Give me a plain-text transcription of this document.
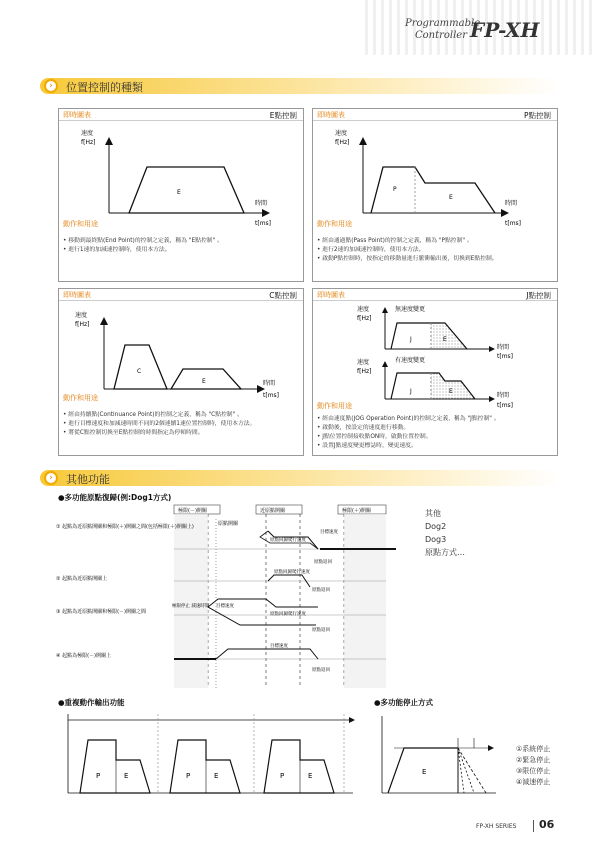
Programmable
Controller FP-XH
›	位置控制的種類
即時圖表	E點控制
速度
f[Hz]
E
時間
t[ms]
動作和用途
• 移動到最終點(End Point)的控制之定義，稱為 "E點控制" 。
• 進行1速的加減速控制時，使用本方法。
即時圖表	P點控制
速度
f[Hz]
P
E
時間
t[ms]
動作和用途
• 經由通過點(Pass Point)的控制之定義，稱為 "P點控制" 。
• 進行2速的加減速控制時，使用本方法。
• 啟動P點控制時，按指定的移動量進行脈衝輸出後，切換到E點控制。
即時圖表	C點控制
速度
f[Hz]
C
E	時間
t[ms]
動作和用途
• 經由持續點(Continuance Point)的控制之定義，稱為 "C點控制" 。
• 進行目標速度和加減速時間不同的2個連續1速位置控制時，使用本方法。
• 將從C點控制切換至E點控制的時間指定為停頓時間。
即時圖表	J點控制
速度
f[Hz]
無速度變更
J	E
時間
t[ms]
速度
f[Hz]
有速度變更
J	E
時間
t[ms]
動作和用途
• 經由速度點(JOG Operation Point)的控制之定義，稱為 "J點控制" 。
• 啟動後，按設定的速度進行移動。
• J點位置控制接收點ON時，啟動位置控制。
• 設置J點速度變更標誌時，變更速度。
›	其他功能
●多功能原點復歸(例:Dog1方式)
極限(－)開關	近原點開關	極限(＋)開關
原點開關
① 起點為近原點開關和極限(＋)開關之間(包括極限(＋)開關上)
目標速度
原點回歸爬行速度
原點返回
② 起點為近原點開關上
原點回歸爬行速度
原點返回
③ 起點為近原點開關和極限(－)開關之間
極限停止 減速時間 目標速度
原點回歸爬行速度
原點返回
④ 起點為極限(－)開關上
目標速度
原點返回
其他
Dog2
Dog3
原點方式…
●重複動作輸出功能
P	E	P	E	P	E
●多功能停止方式
E
①系統停止
②緊急停止
③限位停止
④減速停止
FP-XH SERIES 06
